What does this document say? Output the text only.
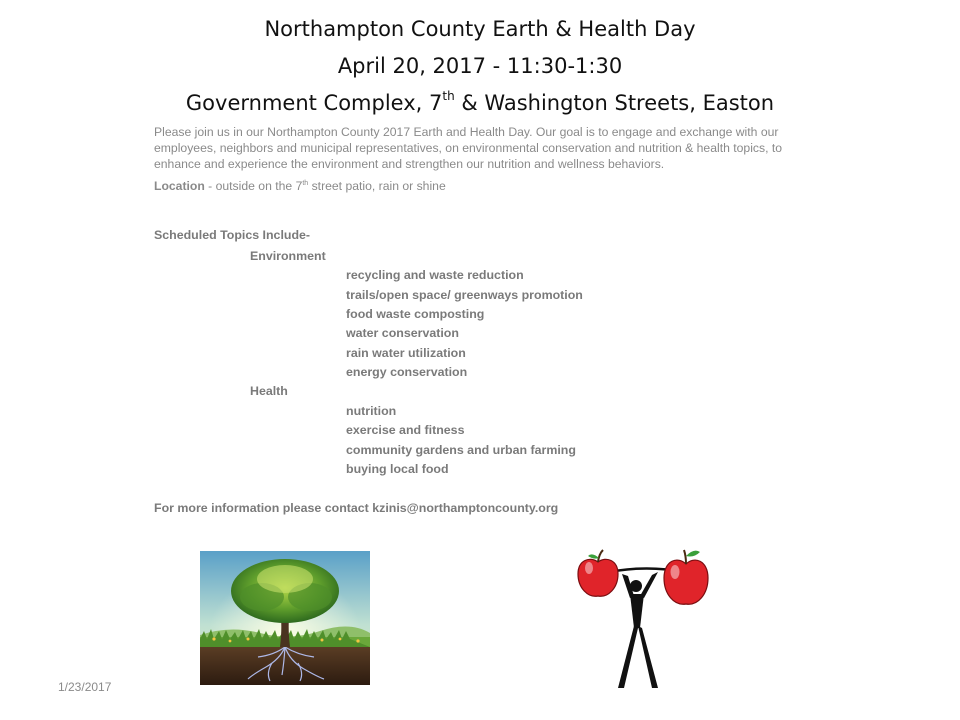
Northampton County Earth & Health Day
April 20, 2017 - 11:30-1:30
Government Complex, 7th & Washington Streets, Easton

Please join us in our Northampton County 2017 Earth and Health Day. Our goal is to engage and exchange with our employees, neighbors and municipal representatives, on environmental conservation and nutrition & health topics, to enhance and experience the environment and strengthen our nutrition and wellness behaviors.

Location - outside on the 7th street patio, rain or shine
Scheduled Topics Include-
Environment
recycling and waste reduction
trails/open space/ greenways promotion
food waste composting
water conservation
rain water utilization
energy conservation
Health
nutrition
exercise and fitness
community gardens and urban farming
buying local food
For more information please contact kzinis@northamptoncounty.org
1/23/2017
